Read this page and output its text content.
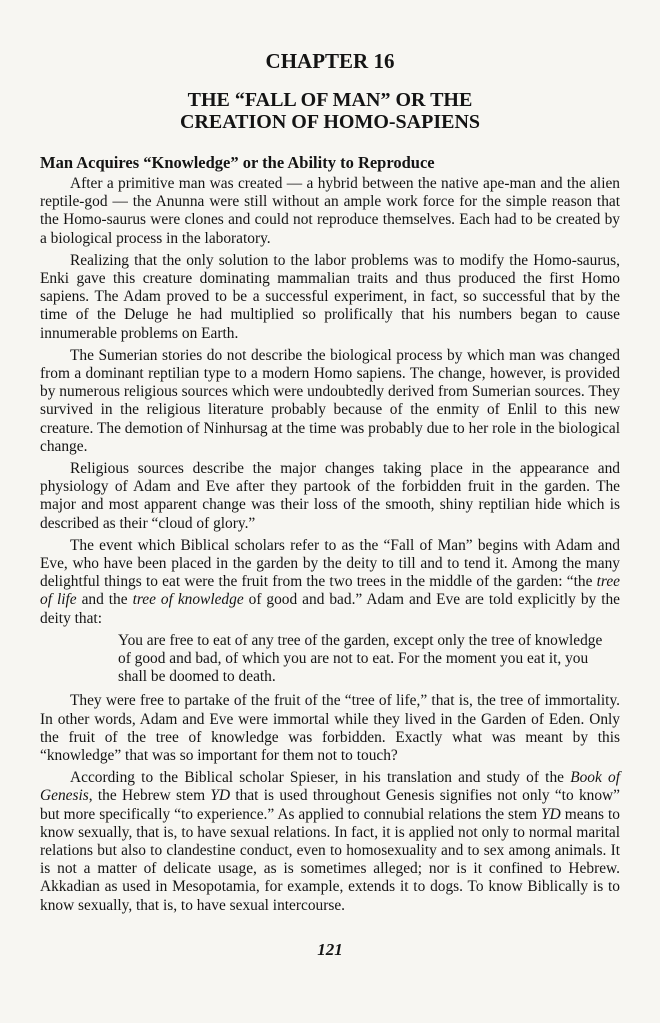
CHAPTER 16
THE “FALL OF MAN” OR THE
CREATION OF HOMO-SAPIENS
Man Acquires “Knowledge” or the Ability to Reproduce

After a primitive man was created — a hybrid between the native ape-man and the alien reptile-god — the Anunna were still without an ample work force for the simple reason that the Homo-saurus were clones and could not reproduce themselves. Each had to be created by a biological process in the laboratory.

Realizing that the only solution to the labor problems was to modify the Homo-saurus, Enki gave this creature dominating mammalian traits and thus produced the first Homo sapiens. The Adam proved to be a successful experiment, in fact, so successful that by the time of the Deluge he had multiplied so prolifically that his numbers began to cause innumerable problems on Earth.

The Sumerian stories do not describe the biological process by which man was changed from a dominant reptilian type to a modern Homo sapiens. The change, however, is provided by numerous religious sources which were undoubtedly derived from Sumerian sources. They survived in the religious literature probably because of the enmity of Enlil to this new creature. The demotion of Ninhursag at the time was probably due to her role in the biological change.

Religious sources describe the major changes taking place in the appearance and physiology of Adam and Eve after they partook of the forbidden fruit in the garden. The major and most apparent change was their loss of the smooth, shiny reptilian hide which is described as their “cloud of glory.”

The event which Biblical scholars refer to as the “Fall of Man” begins with Adam and Eve, who have been placed in the garden by the deity to till and to tend it. Among the many delightful things to eat were the fruit from the two trees in the middle of the garden: “the tree of life and the tree of knowledge of good and bad.” Adam and Eve are told explicitly by the deity that:

You are free to eat of any tree of the garden, except only the tree of knowledge of good and bad, of which you are not to eat. For the moment you eat it, you shall be doomed to death.

They were free to partake of the fruit of the “tree of life,” that is, the tree of immortality. In other words, Adam and Eve were immortal while they lived in the Garden of Eden. Only the fruit of the tree of knowledge was forbidden. Exactly what was meant by this “knowledge” that was so important for them not to touch?

According to the Biblical scholar Spieser, in his translation and study of the Book of Genesis, the Hebrew stem YD that is used throughout Genesis signifies not only “to know” but more specifically “to experience.” As applied to connubial relations the stem YD means to know sexually, that is, to have sexual relations. In fact, it is applied not only to normal marital relations but also to clandestine conduct, even to homosexuality and to sex among animals. It is not a matter of delicate usage, as is sometimes alleged; nor is it confined to Hebrew. Akkadian as used in Mesopotamia, for example, extends it to dogs. To know Biblically is to know sexually, that is, to have sexual intercourse.

121
